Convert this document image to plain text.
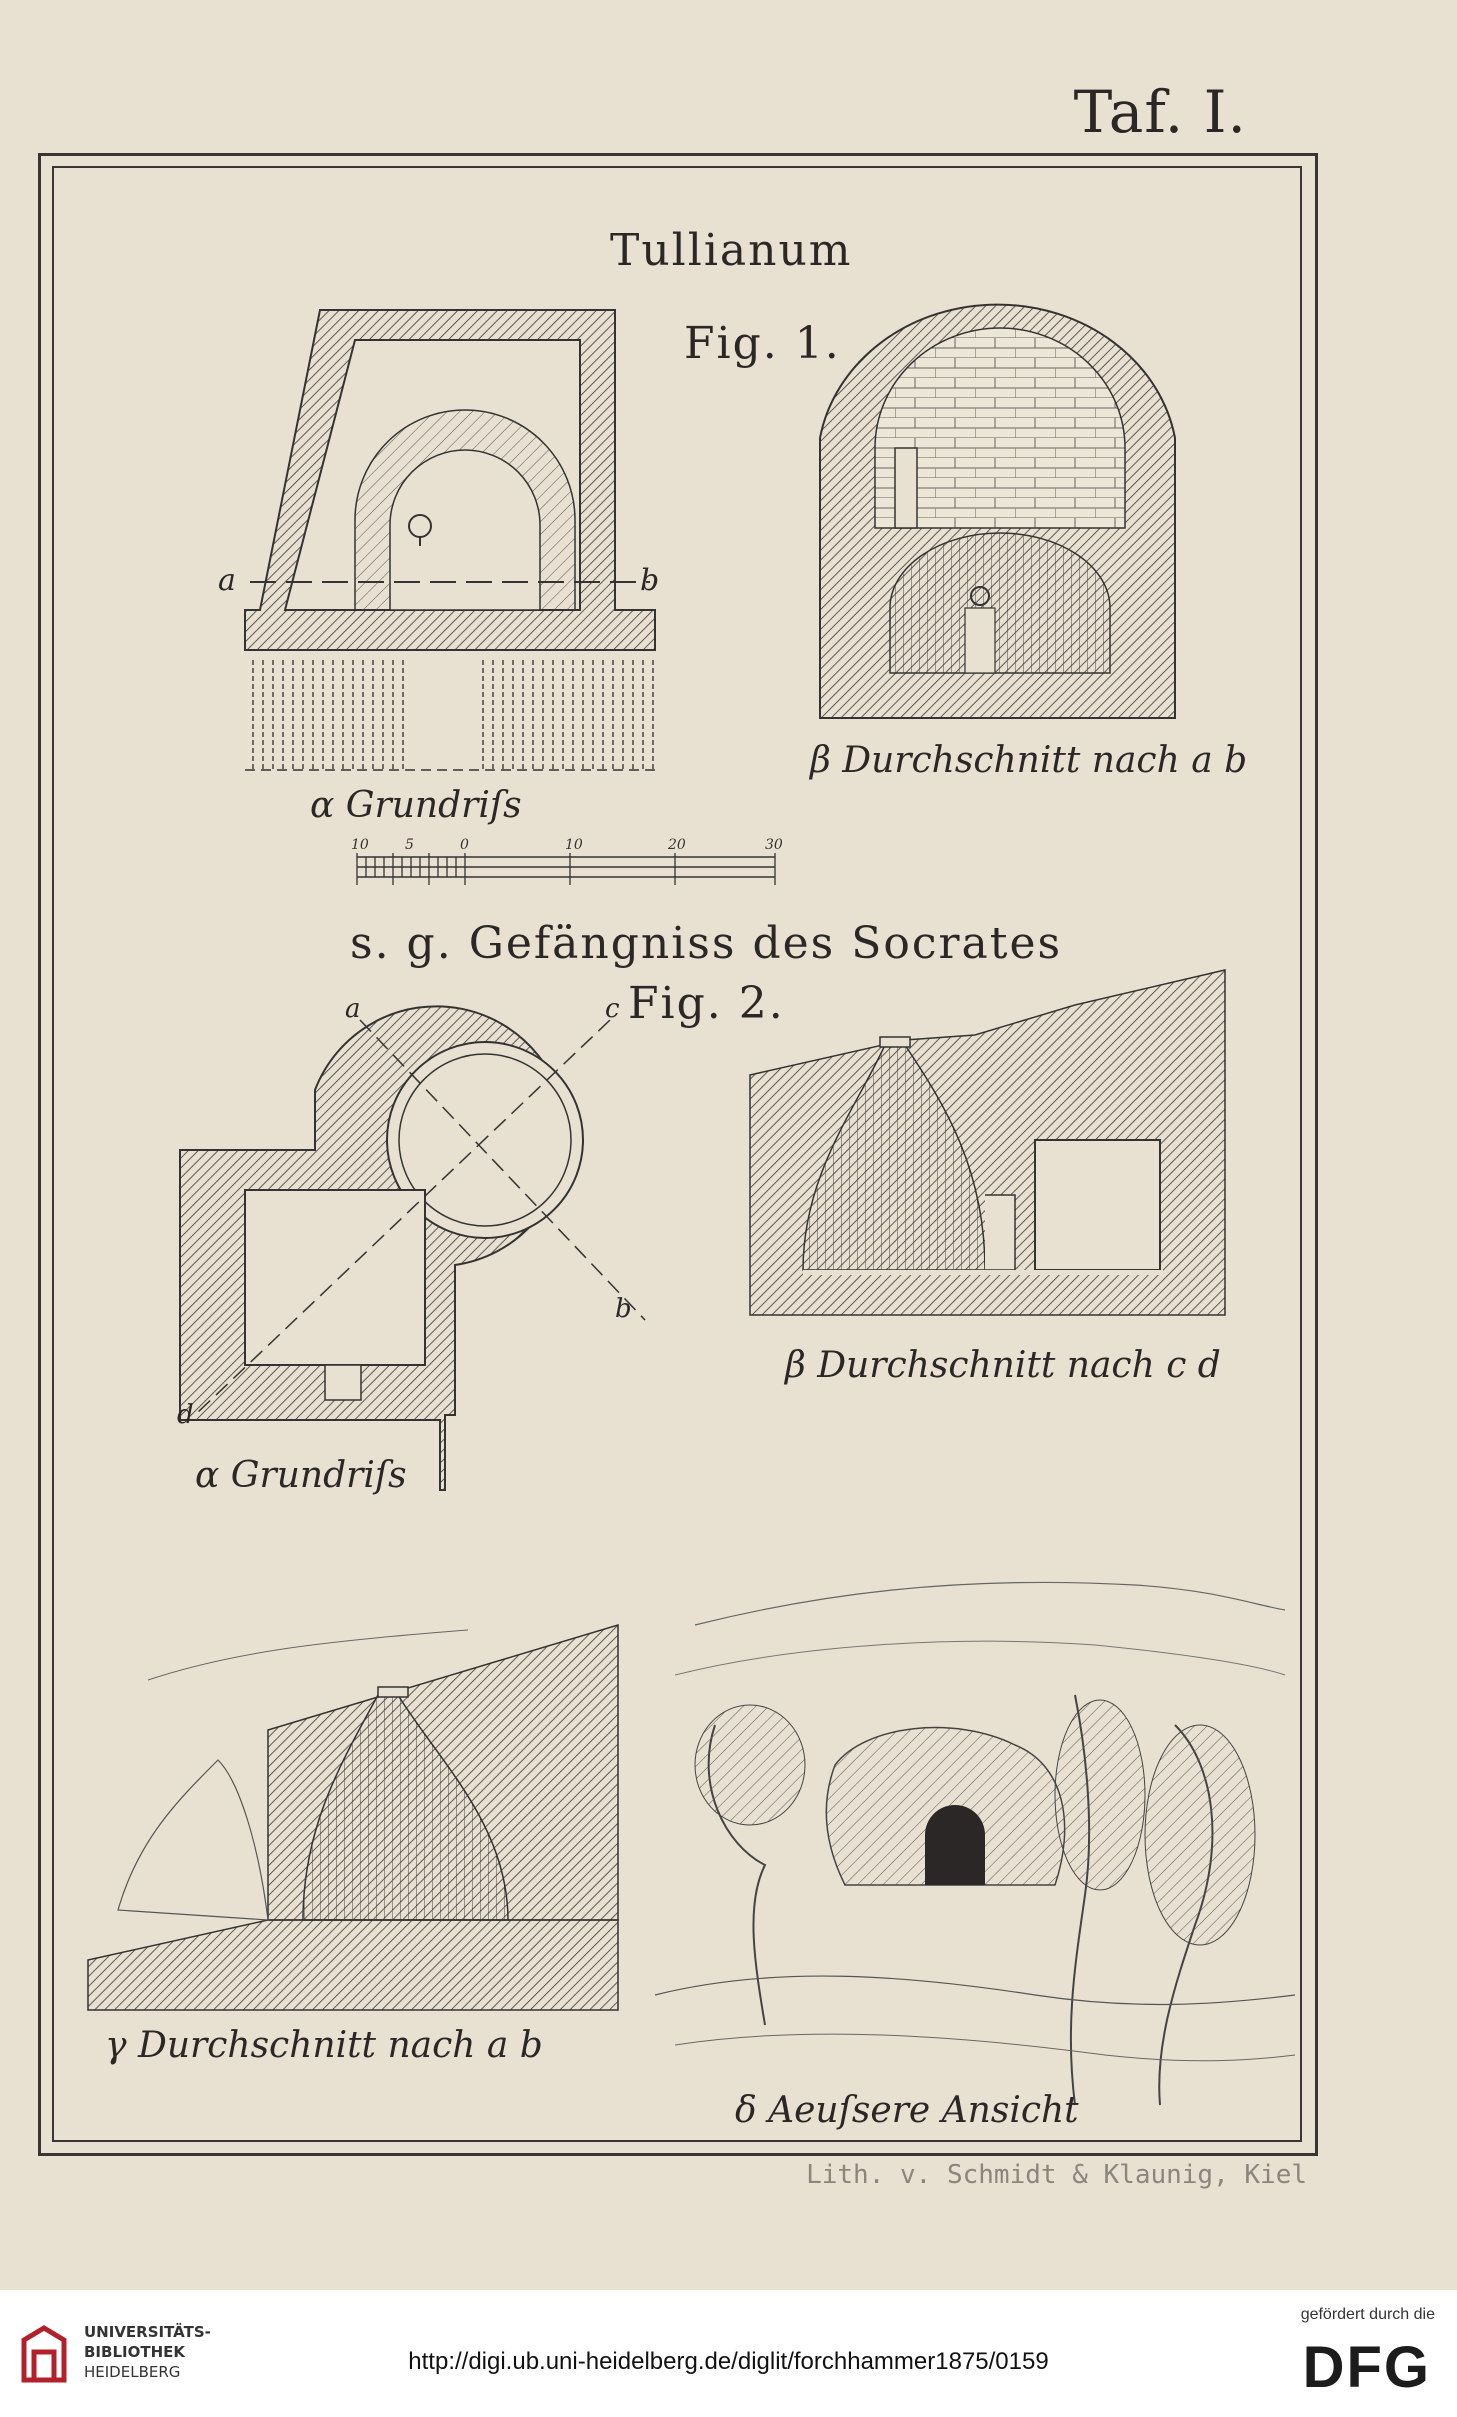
Taf. I.
Tullianum
Fig. 1.
a	b
α Grundriſs
β Durchschnitt nach a b
10	5	0	10	20	30
s. g. Gefängniss des Socrates
Fig. 2.
a
b
c
d
β Durchschnitt nach c d
α Grundriſs
γ Durchschnitt nach a b
δ Aeuſsere Ansicht
Lith. v. Schmidt & Klaunig, Kiel
UNIVERSITÄTS-
BIBLIOTHEK
HEIDELBERG	http://digi.ub.uni-heidelberg.de/diglit/forchhammer1875/0159
gefördert durch die
DFG
